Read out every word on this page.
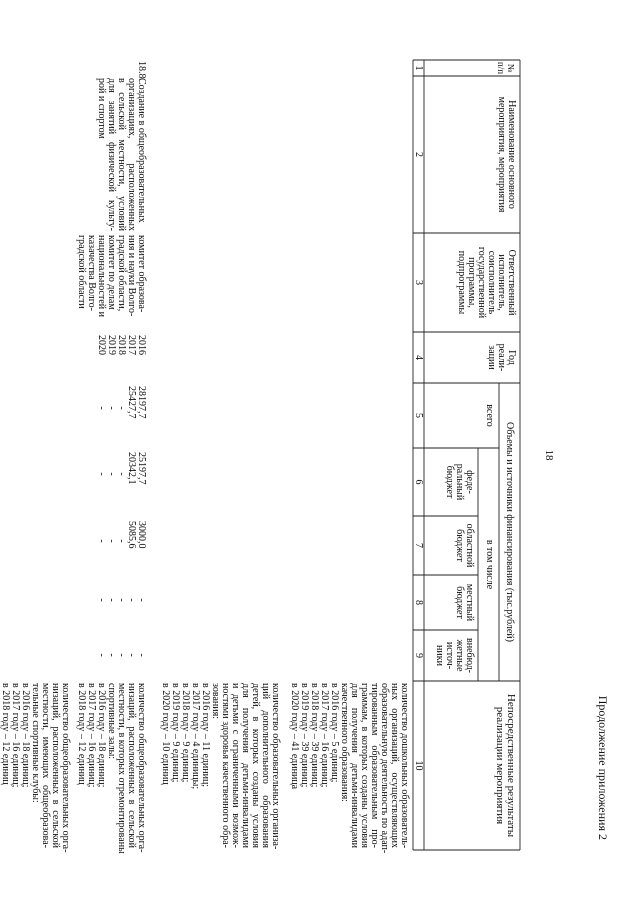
Продолжение приложения 2
18
№ п/п
Наименование основного
мероприятия, мероприятия
Ответственный
исполнитель,
соисполнитель
государственной
программы,
подпрограммы
Год
реали-
зации
Объемы и источники финансирования (тыс.рублей)
всего
в том числе
феде-
ральный
бюджет
областной
бюджет
местный
бюджет
внебюд-
жетные
источ-
ники
Непосредственные результаты
реализации мероприятия
1
2
3
4
5
6
7
8
9
10
количество дошкольных образователь-
ных организаций, осуществляющих
образовательную деятельность по адап-
тированным образовательным про-
граммам, в которых созданы условия
для получения детьми-инвалидами
качественного образования:
в 2016 году – 5 единиц;
в 2017 году – 16 единиц;
в 2018 году – 39 единиц;
в 2019 году – 39 единиц;
в 2020 году – 41 единица
количество образовательных организа-
ций дополнительного образования
детей, в которых созданы условия
для получения детьми-инвалидами
и детьми с ограниченными возмож-
ностями здоровья качественного обра-
зования:
в 2016 году – 11 единиц;
в 2017 году – 4 единицы;
в 2018 году – 9 единиц;
в 2019 году – 9 единиц;
в 2020 году – 10 единиц
18.8.
Создание в общеобразовательных
организациях, расположенных
в сельской местности, условий
для занятий физической культу-
рой и спортом
комитет образова-
ния и науки Волго-
градской области,
комитет по делам
национальностей и
казачества Волго-
градской области
2016
2017
2018
2019
2020
28197,7
25427,7
-
-
-
25197,7
20342,1
-
-
-
3000,0
5085,6
-
-
-
-
-
-
-
-
-
-
-
-
-
количество общеобразовательных орга-
низаций, расположенных в сельской
местности, в которых отремонтированы
спортивные залы:
в 2016 году – 18 единиц;
в 2017 году – 16 единиц;
в 2018 году – 12 единиц
количество общеобразовательных орга-
низаций, расположенных в сельской
местности, имеющих общеобразова-
тельные спортивные клубы:
в 2016 году – 18 единиц;
в 2017 году – 16 единиц;
в 2018 году – 12 единиц
